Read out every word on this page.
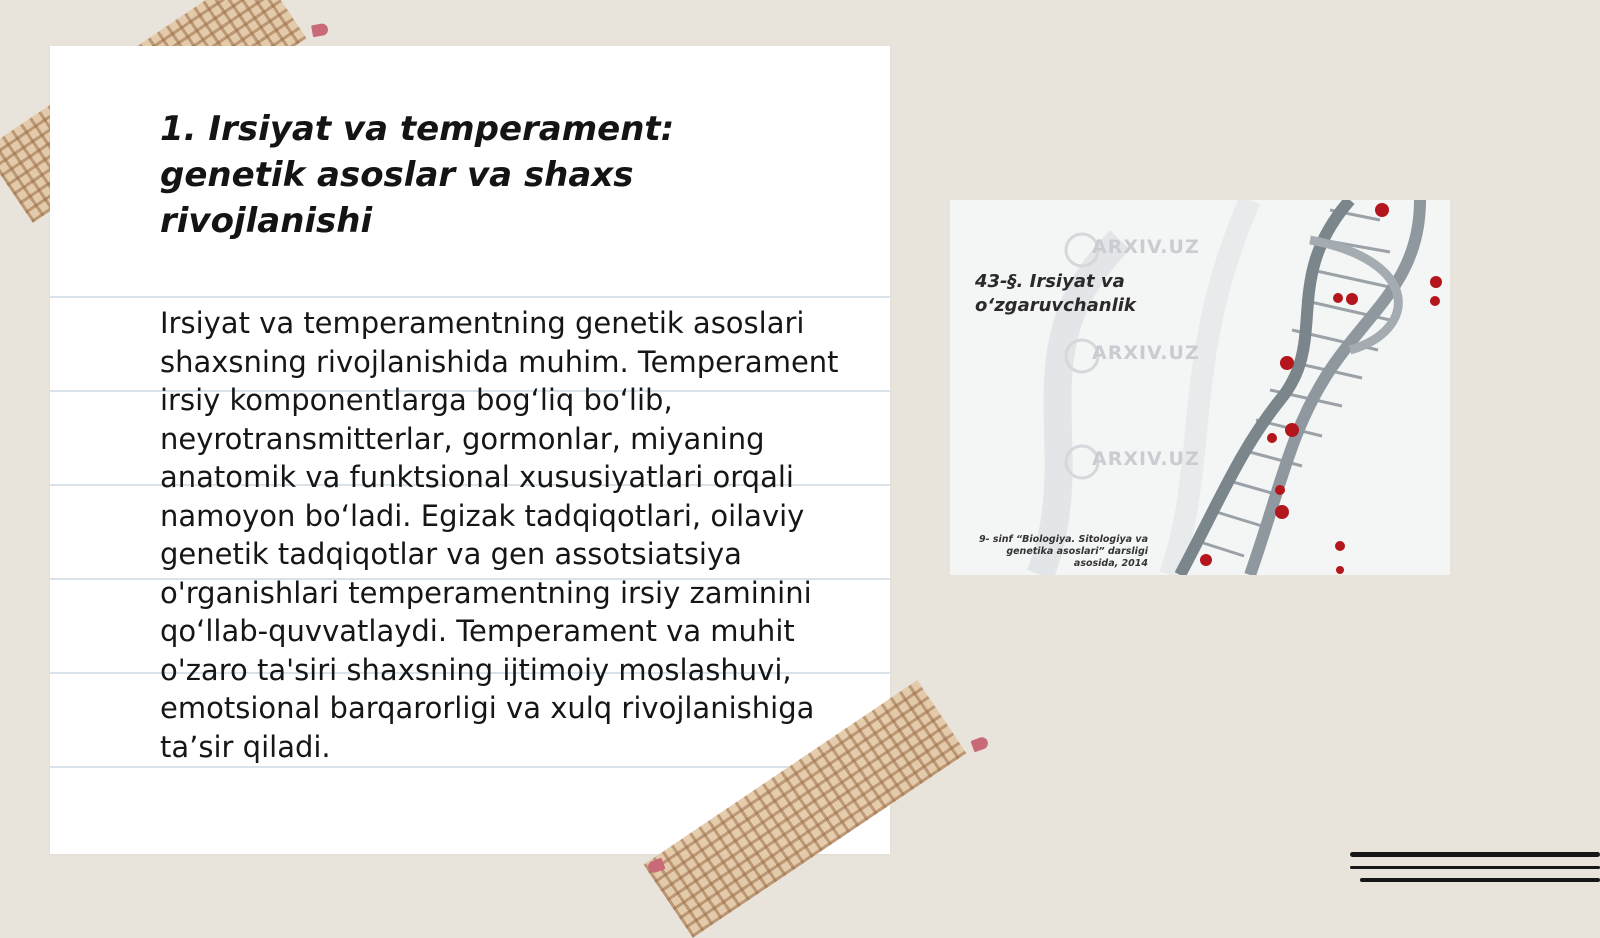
1. Irsiyat va temperament: genetik asoslar va shaxs rivojlanishi

Irsiyat va temperamentning genetik asoslari shaxsning rivojlanishida muhim. Temperament irsiy komponentlarga bog‘liq bo‘lib, neyrotransmitterlar, gormonlar, miyaning anatomik va funktsional xususiyatlari orqali namoyon bo‘ladi. Egizak tadqiqotlari, oilaviy genetik tadqiqotlar va gen assotsiatsiya o'rganishlari temperamentning irsiy zaminini qo‘llab-quvvatlaydi. Temperament va muhit o'zaro ta'siri shaxsning ijtimoiy moslashuvi, emotsional barqarorligi va xulq rivojlanishiga ta’sir qiladi.

ARXIV.UZ
ARXIV.UZ
ARXIV.UZ
43-§. Irsiyat va o‘zgaruvchanlik
9- sinf “Biologiya. Sitologiya va genetika asoslari” darsligi asosida, 2014
